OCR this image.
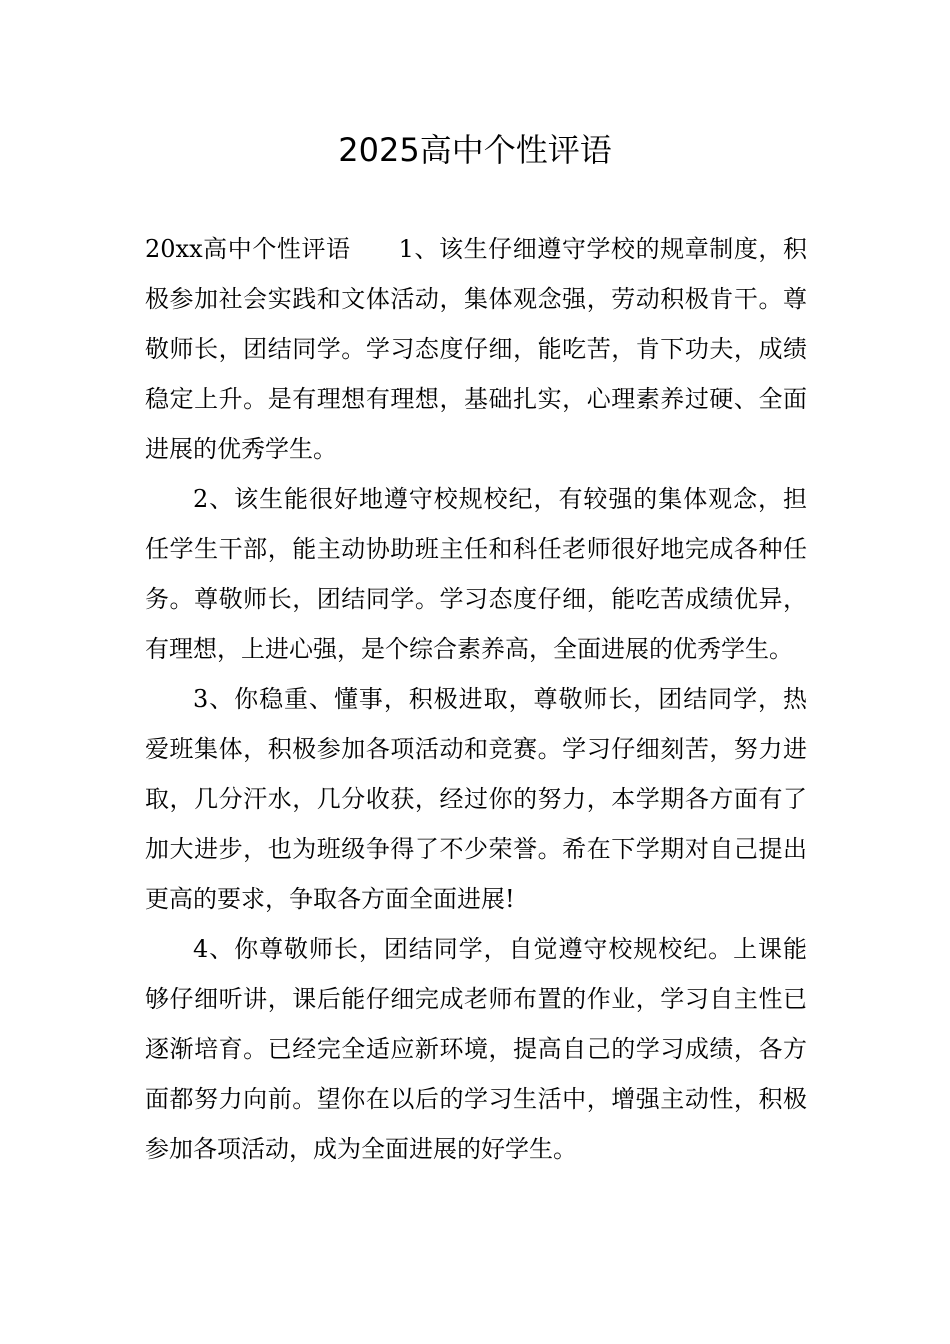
2025高中个性评语

20xx高中个性评语 1、该生仔细遵守学校的规章制度，积极参加社会实践和文体活动，集体观念强，劳动积极肯干。尊敬师长，团结同学。学习态度仔细，能吃苦，肯下功夫，成绩稳定上升。是有理想有理想，基础扎实，心理素养过硬、全面进展的优秀学生。

2、该生能很好地遵守校规校纪，有较强的集体观念，担任学生干部，能主动协助班主任和科任老师很好地完成各种任务。尊敬师长，团结同学。学习态度仔细，能吃苦成绩优异，有理想，上进心强，是个综合素养高，全面进展的优秀学生。

3、你稳重、懂事，积极进取，尊敬师长，团结同学，热爱班集体，积极参加各项活动和竞赛。学习仔细刻苦，努力进取，几分汗水，几分收获，经过你的努力，本学期各方面有了加大进步，也为班级争得了不少荣誉。希在下学期对自己提出更高的要求，争取各方面全面进展!

4、你尊敬师长，团结同学，自觉遵守校规校纪。上课能够仔细听讲，课后能仔细完成老师布置的作业，学习自主性已逐渐培育。已经完全适应新环境，提高自己的学习成绩，各方面都努力向前。望你在以后的学习生活中，增强主动性，积极参加各项活动，成为全面进展的好学生。
